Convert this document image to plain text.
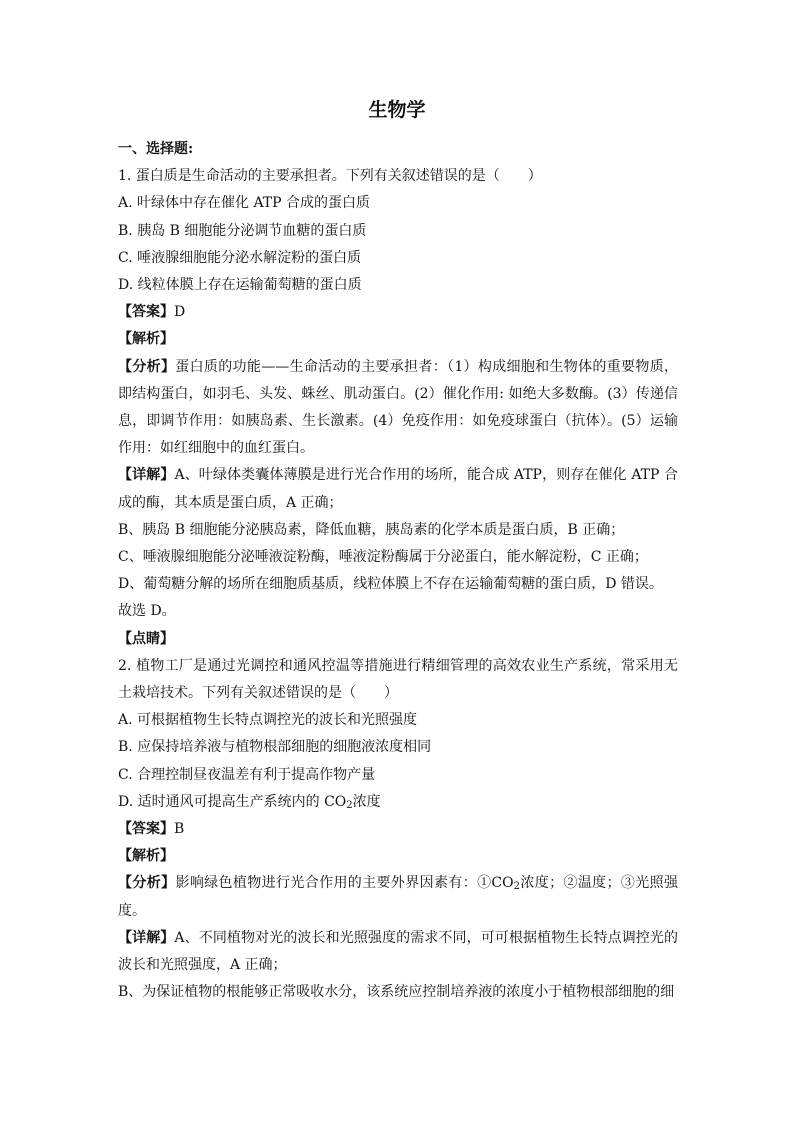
生物学
一、选择题:
1. 蛋白质是生命活动的主要承担者。下列有关叙述错误的是（　　）
A. 叶绿体中存在催化 ATP 合成的蛋白质
B. 胰岛 B 细胞能分泌调节血糖的蛋白质
C. 唾液腺细胞能分泌水解淀粉的蛋白质
D. 线粒体膜上存在运输葡萄糖的蛋白质
【答案】D
【解析】
【分析】蛋白质的功能——生命活动的主要承担者：（1）构成细胞和生物体的重要物质，即结构蛋白，如羽毛、头发、蛛丝、肌动蛋白。(2）催化作用: 如绝大多数酶。(3）传递信息，即调节作用：如胰岛素、生长激素。(4）免疫作用：如免疫球蛋白（抗体）。(5）运输作用：如红细胞中的血红蛋白。
【详解】A、叶绿体类囊体薄膜是进行光合作用的场所，能合成 ATP，则存在催化 ATP 合成的酶，其本质是蛋白质，A 正确；
B、胰岛 B 细胞能分泌胰岛素，降低血糖，胰岛素的化学本质是蛋白质，B 正确；
C、唾液腺细胞能分泌唾液淀粉酶，唾液淀粉酶属于分泌蛋白，能水解淀粉，C 正确；
D、葡萄糖分解的场所在细胞质基质，线粒体膜上不存在运输葡萄糖的蛋白质，D 错误。
故选 D。
【点睛】
2. 植物工厂是通过光调控和通风控温等措施进行精细管理的高效农业生产系统，常采用无土栽培技术。下列有关叙述错误的是（　　）
A. 可根据植物生长特点调控光的波长和光照强度
B. 应保持培养液与植物根部细胞的细胞液浓度相同
C. 合理控制昼夜温差有利于提高作物产量
D. 适时通风可提高生产系统内的 $CO_2$浓度
【答案】B
【解析】
【分析】影响绿色植物进行光合作用的主要外界因素有：$①CO_2$浓度；②温度；③光照强度。
【详解】A、不同植物对光的波长和光照强度的需求不同，可可根据植物生长特点调控光的波长和光照强度，A 正确；
B、为保证植物的根能够正常吸收水分，该系统应控制培养液的浓度小于植物根部细胞的细
